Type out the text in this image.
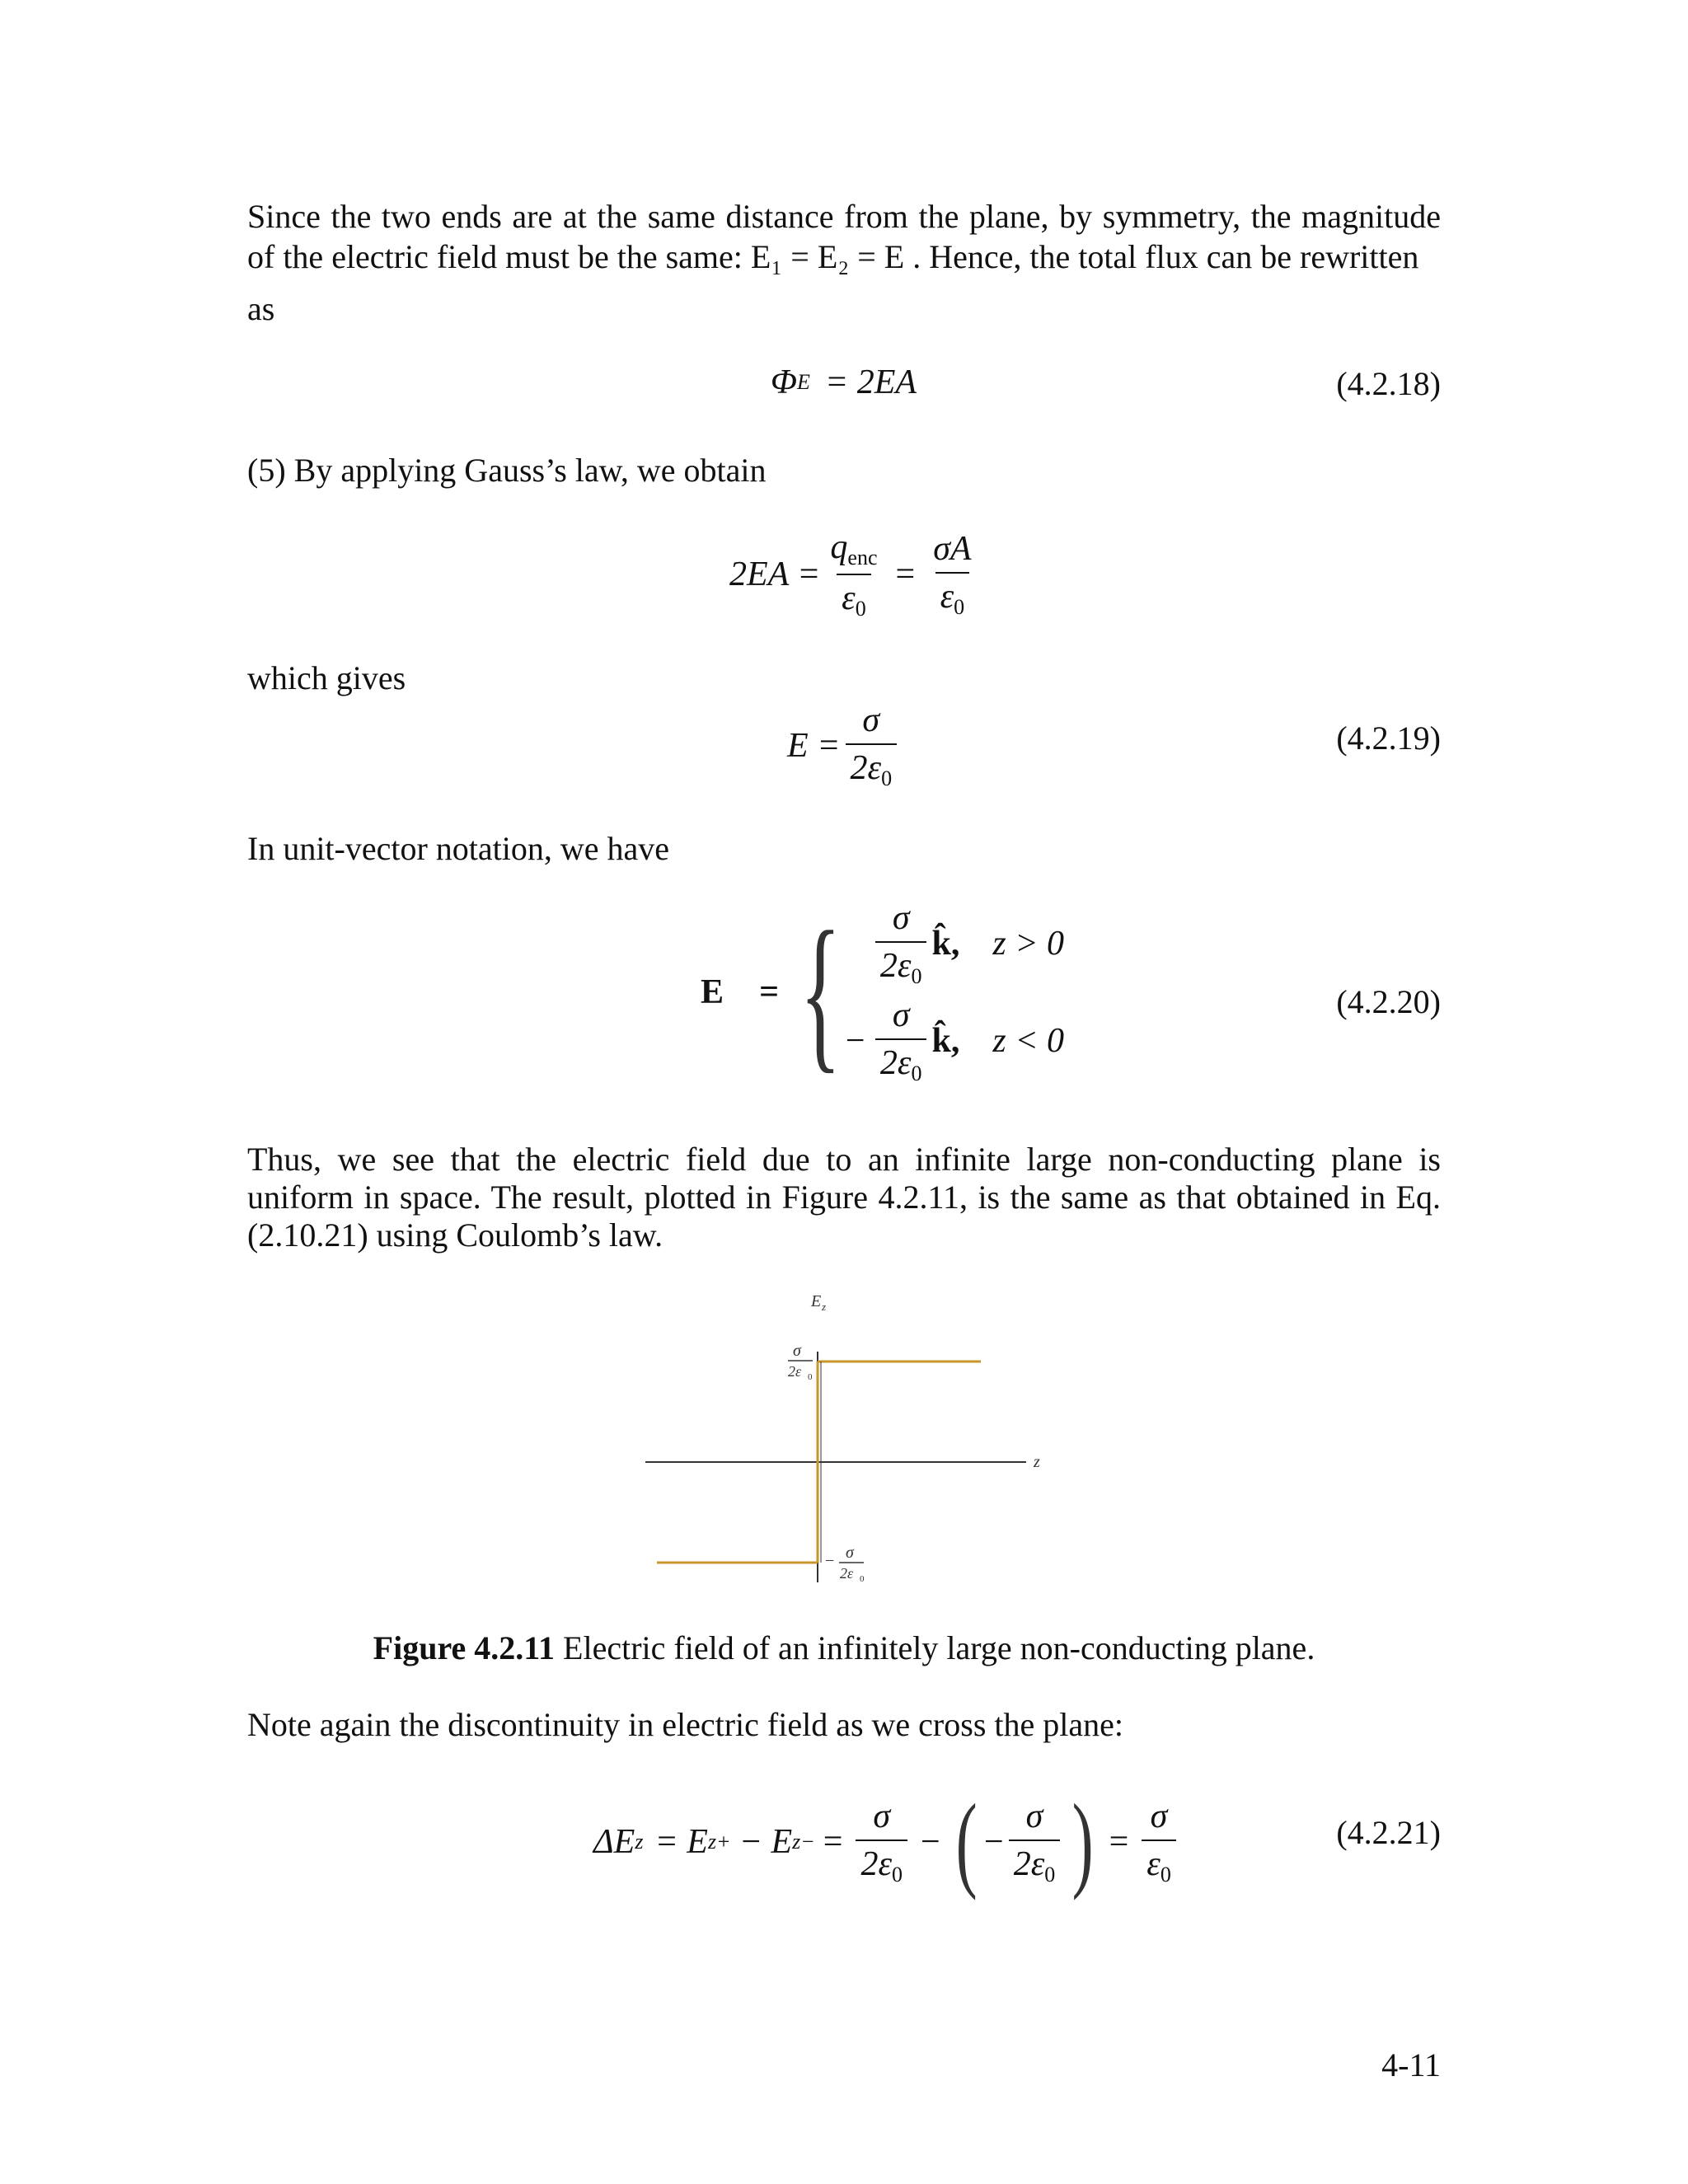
Since the two ends are at the same distance from the plane, by symmetry, the magnitude of the electric field must be the same: E₁ = E₂ = E . Hence, the total flux can be rewritten
as
Φ E = 2EA	(4.2.18)
(5) By applying Gauss’s law, we obtain
$2EA = \frac{q_{enc}}{\varepsilon_0} = \frac{\sigma A}{\varepsilon_0}$
which gives
$E = \frac{\sigma}{2\varepsilon_0}$	(4.2.19)
In unit-vector notation, we have
E⃗ = { $\frac{\sigma}{2\varepsilon_0}$ k̂, z > 0
− $\frac{\sigma}{2\varepsilon_0}$ k̂, z < 0
(4.2.20)
Thus, we see that the electric field due to an infinite large non-conducting plane is uniform in space. The result, plotted in Figure 4.2.11, is the same as that obtained in Eq. (2.10.21) using Coulomb’s law.
E z
z
σ
2ε 0
− σ
2ε 0
Figure 4.2.11 Electric field of an infinitely large non-conducting plane.
Note again the discontinuity in electric field as we cross the plane:
ΔE z = E z+ − E $z- = \frac{\sigma}{2\varepsilon_0}$ − ( − $\frac{\sigma}{2\varepsilon_0}$ ) = $\frac{\sigma}{\varepsilon_0}$	(4.2.21)
4-11
